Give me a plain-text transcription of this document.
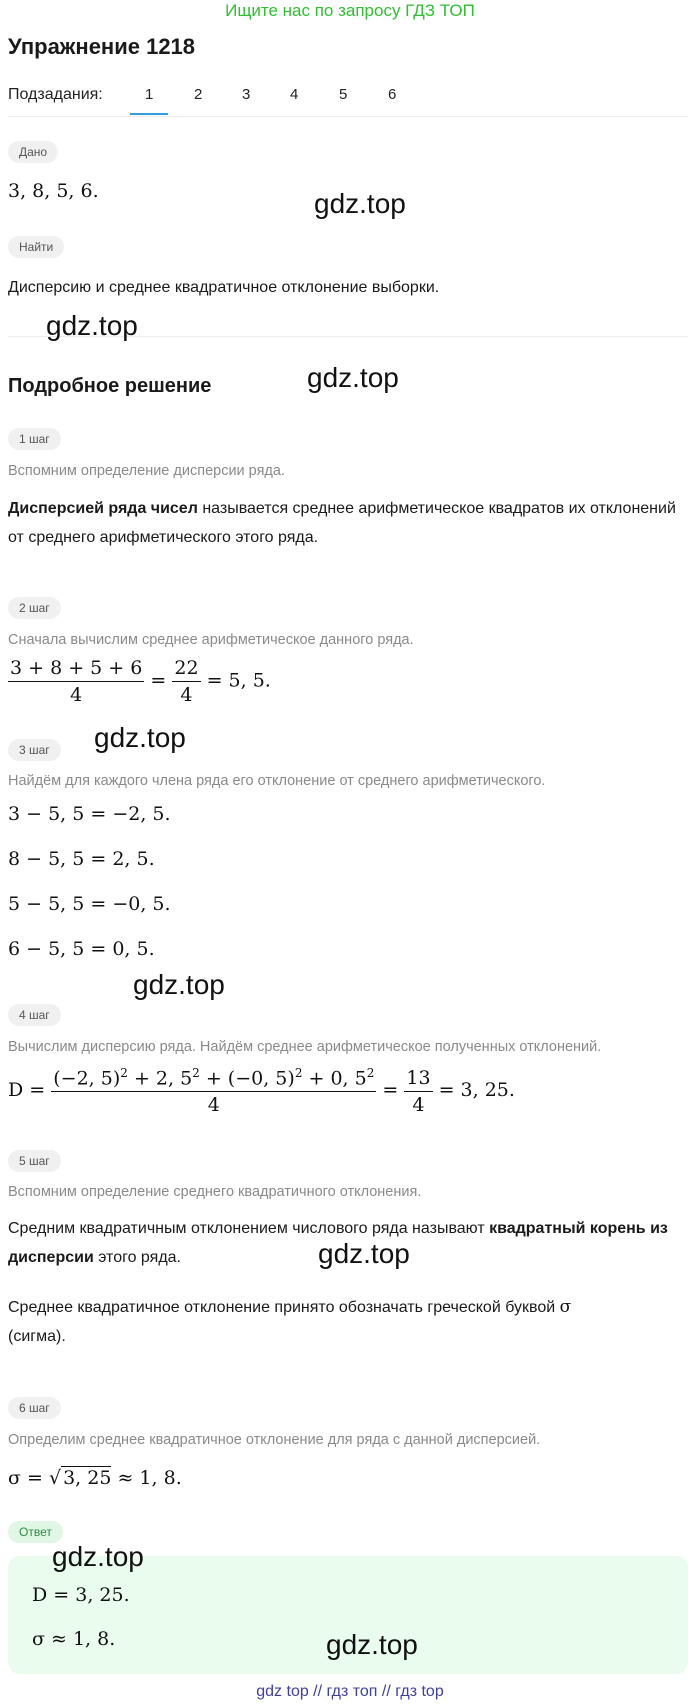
Ищите нас по запросу ГДЗ ТОП
Упражнение 1218
Подзадания:	1	2	3	4	5	6
Дано
3, 8, 5, 6.
Найти
Дисперсию и среднее квадратичное отклонение выборки.
Подробное решение
1 шаг
Вспомним определение дисперсии ряда.
Дисперсией ряда чисел называется среднее арифметическое квадратов их отклонений от среднего арифметического этого ряда.
2 шаг
Сначала вычислим среднее арифметическое данного ряда.
$\frac{3 + 8 + 5 + 6}{4} = \frac{22}{4} = 5$, 5.
3 шаг
Найдём для каждого члена ряда его отклонение от среднего арифметического.
3 − 5, 5 = −2, 5.
8 − 5, 5 = 2, 5.
5 − 5, 5 = −0, 5.
6 − 5, 5 = 0, 5.
4 шаг
Вычислим дисперсию ряда. Найдём среднее арифметическое полученных отклонений.
$D = \frac{(-2, 5)^2 + 2, 5^2 + (-0, 5)^2 + 0, 5^2}{4} = \frac{13}{4} = 3$, 25.
5 шаг
Вспомним определение среднего квадратичного отклонения.
Средним квадратичным отклонением числового ряда называют квадратный корень из дисперсии этого ряда.
Среднее квадратичное отклонение принято обозначать греческой буквой σ
(сигма).
6 шаг
Определим среднее квадратичное отклонение для ряда с данной дисперсией.
σ = √ 3, 25 ≈ 1, 8.
Ответ
D = 3, 25.
σ ≈ 1, 8.
gdz.top
gdz.top
gdz.top
gdz.top
gdz.top
gdz.top
gdz.top
gdz.top
gdz top // гдз топ // гдз top
